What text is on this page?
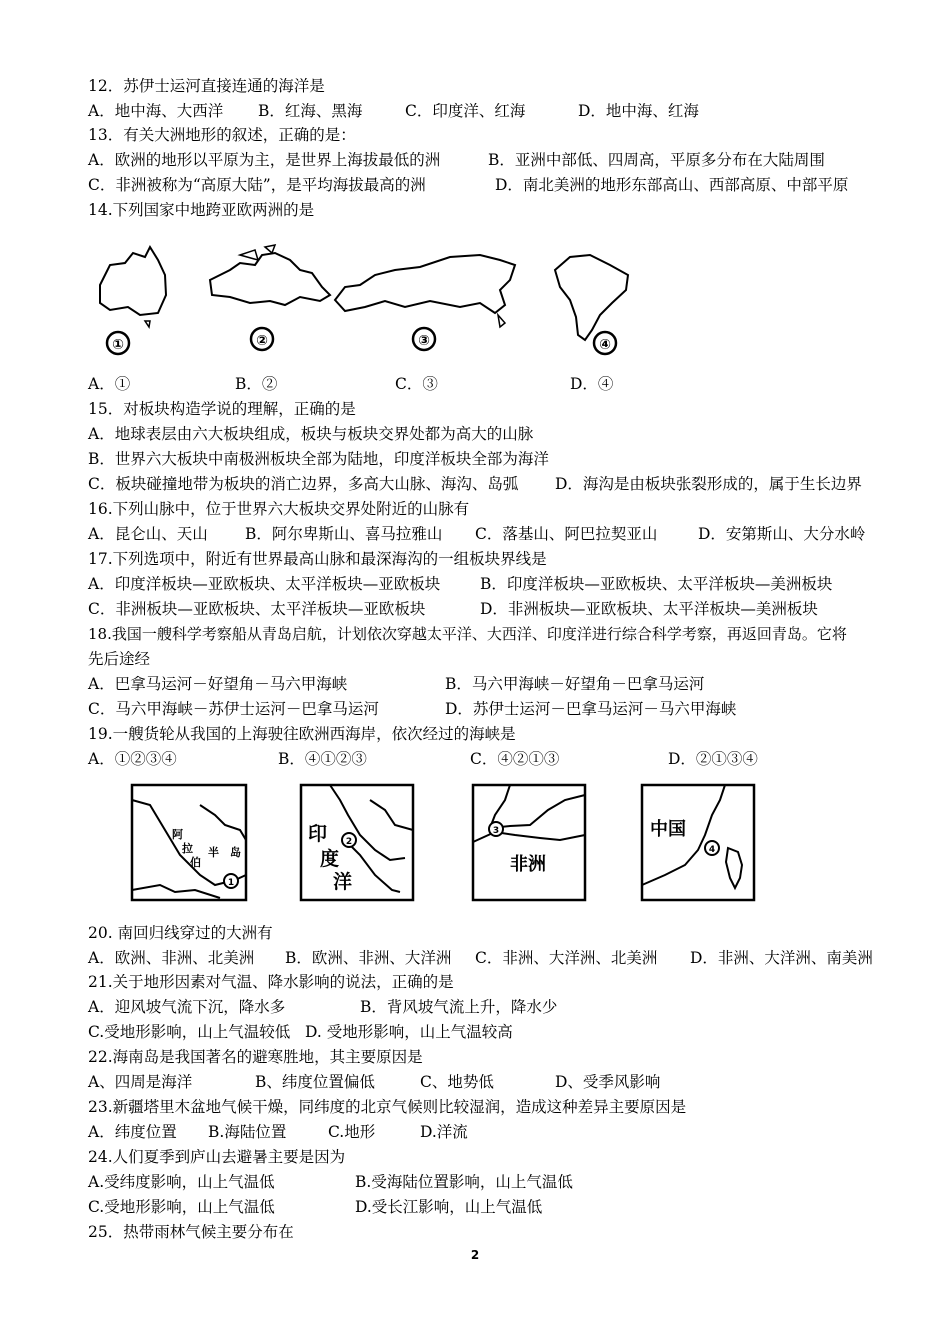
12．苏伊士运河直接连通的海洋是
A．地中海、大西洋 B．红海、黑海	C．印度洋、红海	D．地中海、红海
13．有关大洲地形的叙述，正确的是：
A．欧洲的地形以平原为主，是世界上海拔最低的洲	B．亚洲中部低、四周高，平原多分布在大陆周围
C．非洲被称为“高原大陆”，是平均海拔最高的洲	D．南北美洲的地形东部高山、西部高原、中部平原
14.下列国家中地跨亚欧两洲的是
①	②	③	④
A．①	B．②	C．③	D．④
15．对板块构造学说的理解，正确的是
A．地球表层由六大板块组成，板块与板块交界处都为高大的山脉
B．世界六大板块中南极洲板块全部为陆地，印度洋板块全部为海洋
C．板块碰撞地带为板块的消亡边界，多高大山脉、海沟、岛弧 D．海沟是由板块张裂形成的，属于生长边界
16.下列山脉中，位于世界六大板块交界处附近的山脉有
A．昆仑山、天山 B．阿尔卑斯山、喜马拉雅山 C．落基山、阿巴拉契亚山	D．安第斯山、大分水岭
17.下列选项中，附近有世界最高山脉和最深海沟的一组板块界线是
A．印度洋板块—亚欧板块、太平洋板块—亚欧板块	B．印度洋板块—亚欧板块、太平洋板块—美洲板块
C．非洲板块—亚欧板块、太平洋板块—亚欧板块	D．非洲板块—亚欧板块、太平洋板块—美洲板块
18.我国一艘科学考察船从青岛启航，计划依次穿越太平洋、大西洋、印度洋进行综合科学考察，再返回青岛。它将
先后途经
A．巴拿马运河－好望角－马六甲海峡	B．马六甲海峡－好望角－巴拿马运河
C．马六甲海峡－苏伊士运河－巴拿马运河	D．苏伊士运河－巴拿马运河－马六甲海峡
19.一艘货轮从我国的上海驶往欧洲西海岸，依次经过的海峡是
A．①②③④	B．④①②③	C．④②①③	D．②①③④
阿
拉
伯
半 岛
1
印
度
洋
2
非洲
3	中国
4
20. 南回归线穿过的大洲有
A．欧洲、非洲、北美洲 B．欧洲、非洲、大洋洲 C．非洲、大洋洲、北美洲 D．非洲、大洋洲、南美洲
21.关于地形因素对气温、降水影响的说法，正确的是
A．迎风坡气流下沉，降水多	B．背风坡气流上升，降水少
C.受地形影响，山上气温较低 D. 受地形影响，山上气温较高
22.海南岛是我国著名的避寒胜地，其主要原因是
A、四周是海洋	B、纬度位置偏低	C、地势低	D、受季风影响
23.新疆塔里木盆地气候干燥，同纬度的北京气候则比较湿润，造成这种差异主要原因是
A．纬度位置 B.海陆位置	C.地形	D.洋流
24.人们夏季到庐山去避暑主要是因为
A.受纬度影响，山上气温低	B.受海陆位置影响，山上气温低
C.受地形影响，山上气温低	D.受长江影响，山上气温低
25．热带雨林气候主要分布在
2
